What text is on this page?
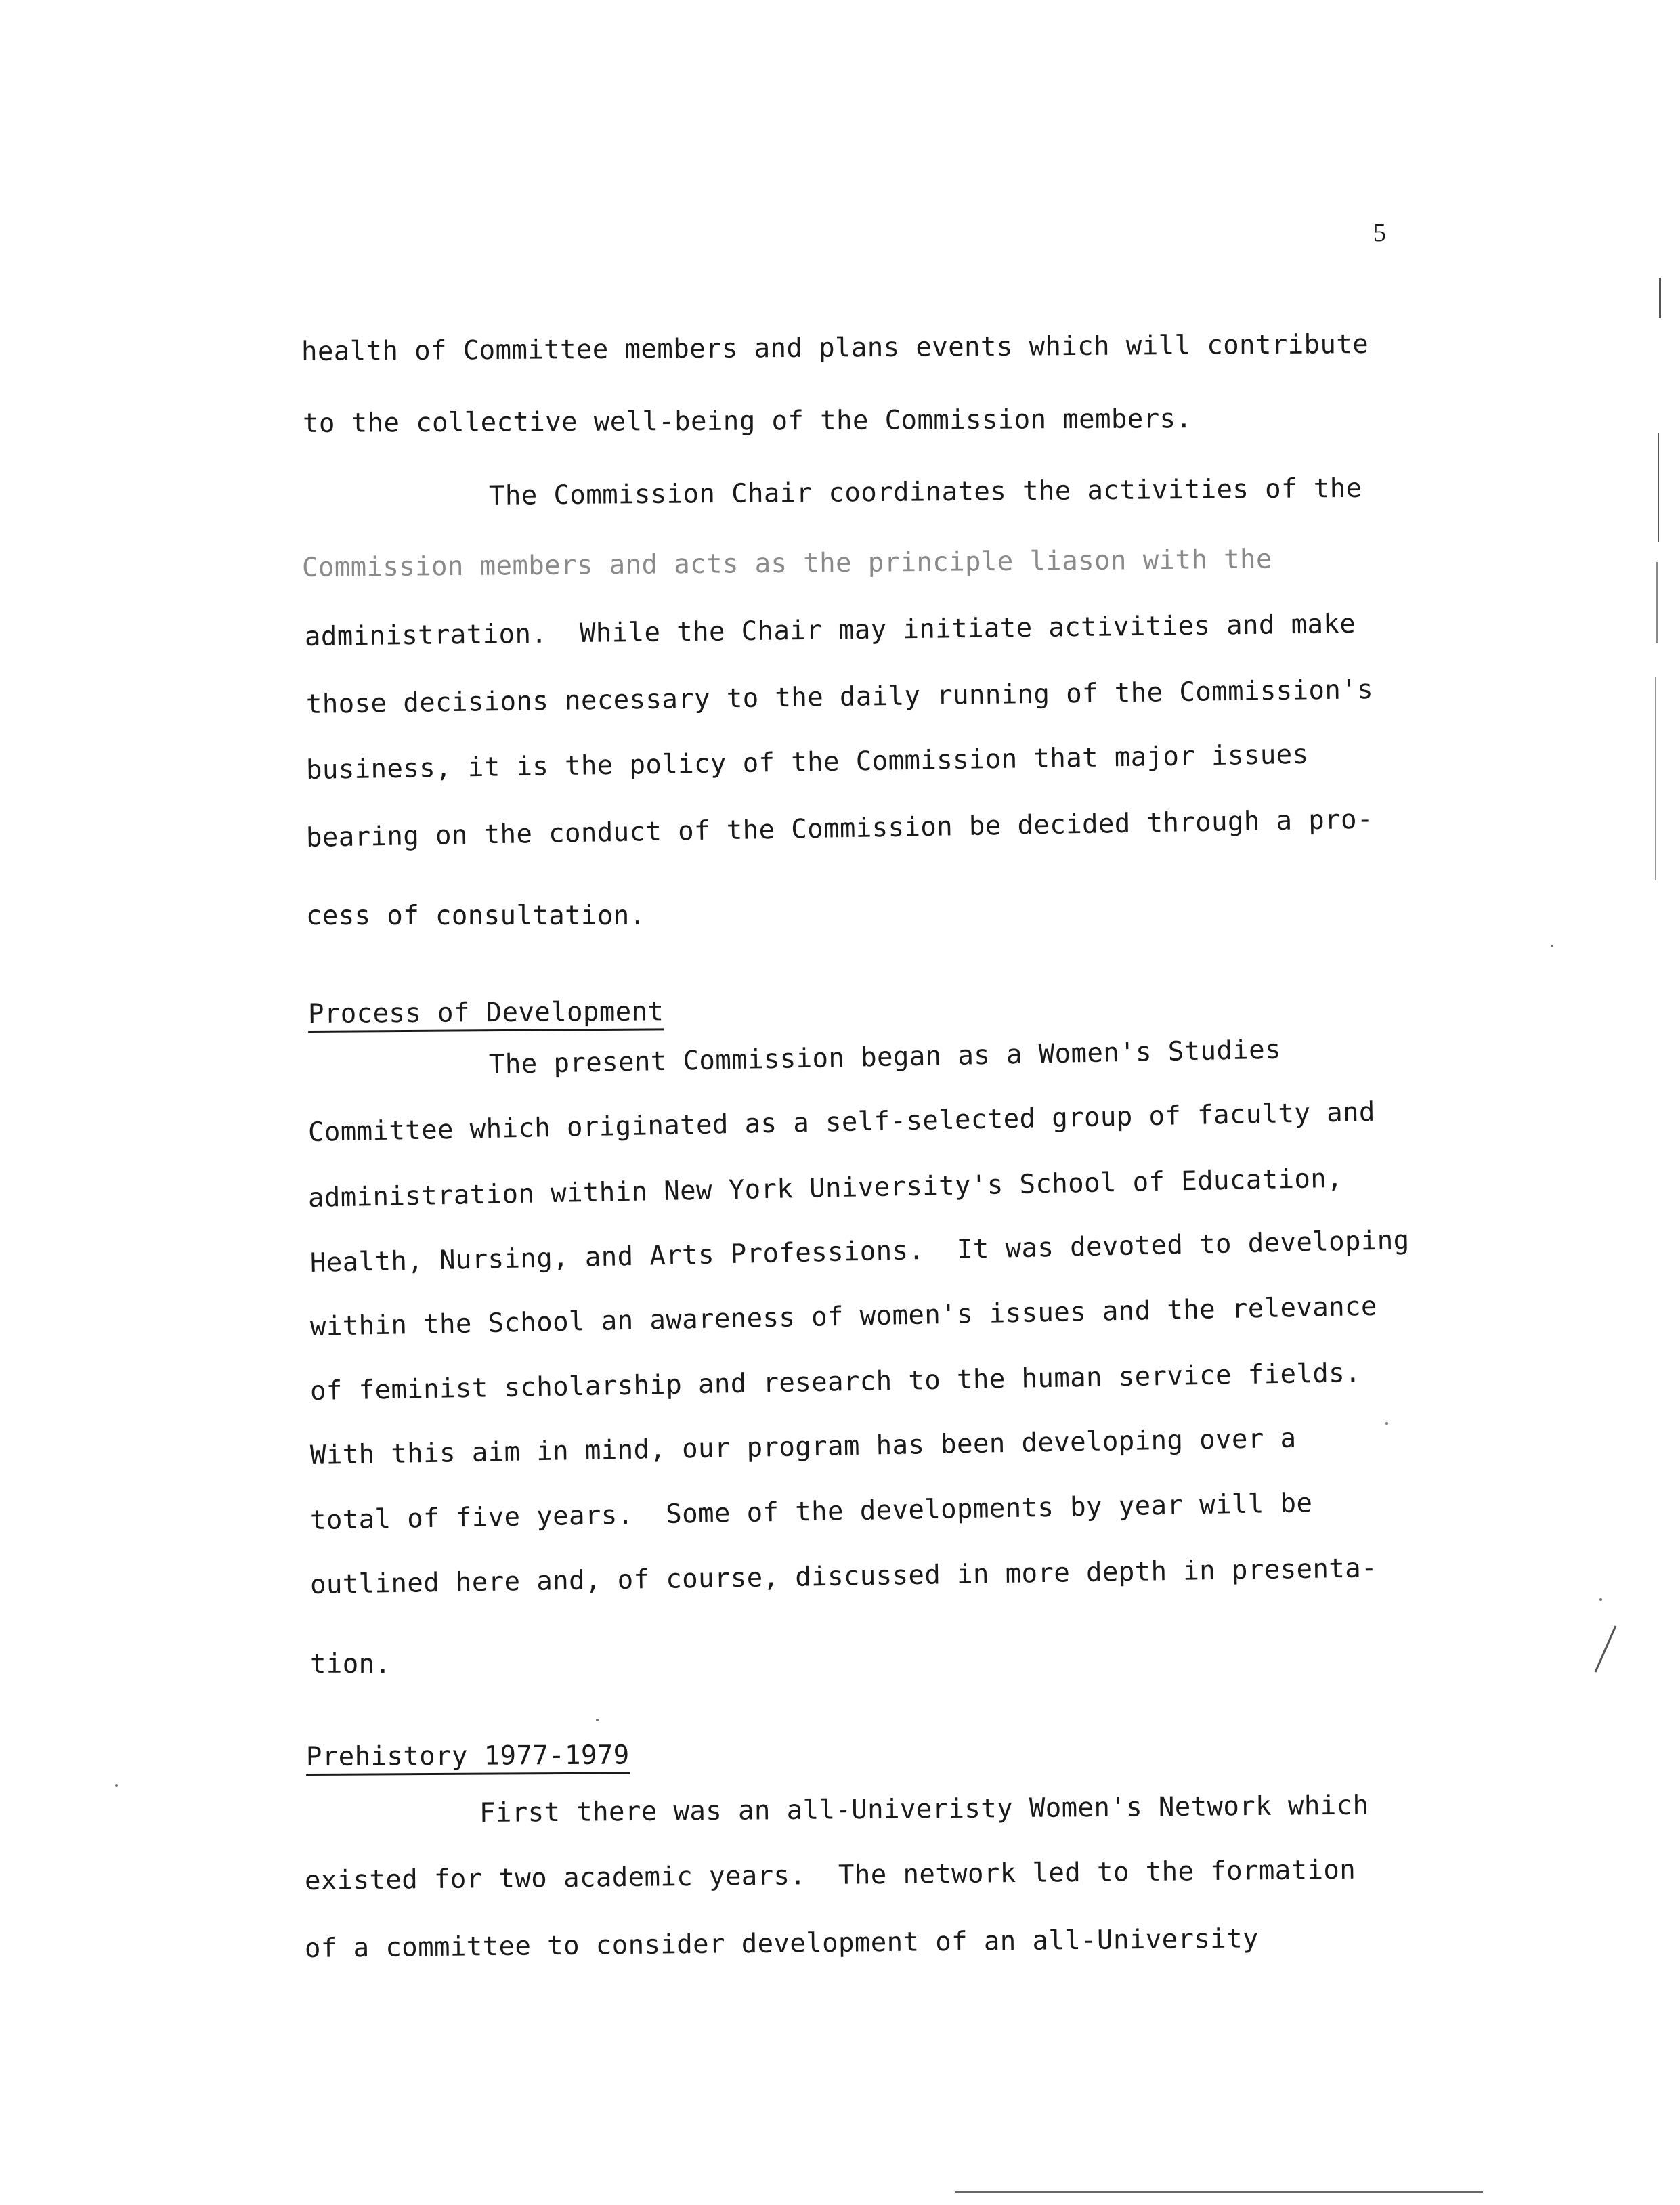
5
health of Committee members and plans events which will contribute
to the collective well-being of the Commission members.
The Commission Chair coordinates the activities of the
Commission members and acts as the principle liason with the
administration.  While the Chair may initiate activities and make
those decisions necessary to the daily running of the Commission's
business, it is the policy of the Commission that major issues
bearing on the conduct of the Commission be decided through a pro-
cess of consultation.
Process of Development
The present Commission began as a Women's Studies
Committee which originated as a self-selected group of faculty and
administration within New York University's School of Education,
Health, Nursing, and Arts Professions.  It was devoted to developing
within the School an awareness of women's issues and the relevance
of feminist scholarship and research to the human service fields.
With this aim in mind, our program has been developing over a
total of five years.  Some of the developments by year will be
outlined here and, of course, discussed in more depth in presenta-
tion.
Prehistory 1977-1979
First there was an all-Univeristy Women's Network which
existed for two academic years.  The network led to the formation
of a committee to consider development of an all-University
